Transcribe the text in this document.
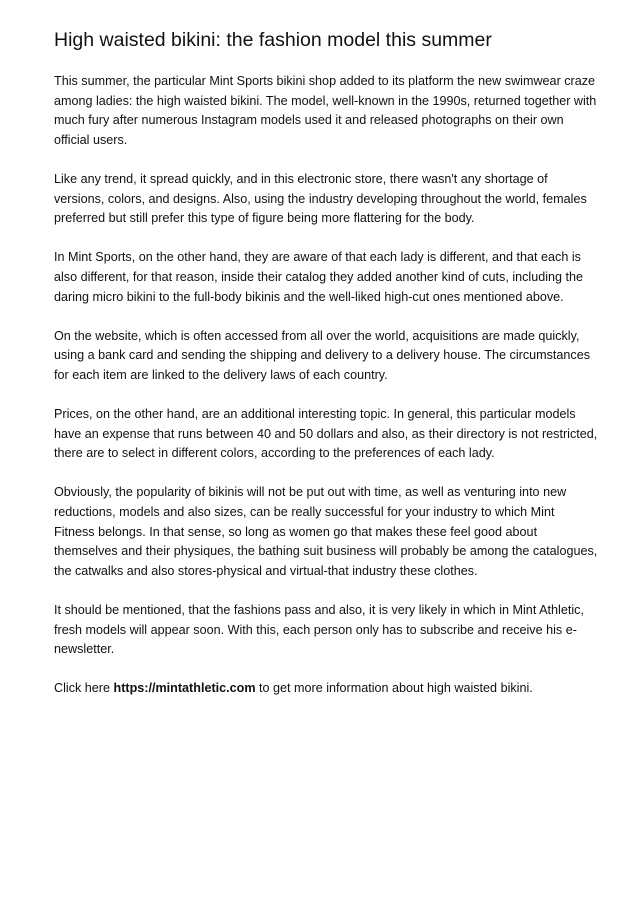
High waisted bikini: the fashion model this summer

This summer, the particular Mint Sports bikini shop added to its platform the new swimwear craze among ladies: the high waisted bikini. The model, well-known in the 1990s, returned together with much fury after numerous Instagram models used it and released photographs on their own official users.

Like any trend, it spread quickly, and in this electronic store, there wasn't any shortage of versions, colors, and designs. Also, using the industry developing throughout the world, females preferred but still prefer this type of figure being more flattering for the body.

In Mint Sports, on the other hand, they are aware of that each lady is different, and that each is also different, for that reason, inside their catalog they added another kind of cuts, including the daring micro bikini to the full-body bikinis and the well-liked high-cut ones mentioned above.

On the website, which is often accessed from all over the world, acquisitions are made quickly, using a bank card and sending the shipping and delivery to a delivery house. The circumstances for each item are linked to the delivery laws of each country.

Prices, on the other hand, are an additional interesting topic. In general, this particular models have an expense that runs between 40 and 50 dollars and also, as their directory is not restricted, there are to select in different colors, according to the preferences of each lady.

Obviously, the popularity of bikinis will not be put out with time, as well as venturing into new reductions, models and also sizes, can be really successful for your industry to which Mint Fitness belongs. In that sense, so long as women go that makes these feel good about themselves and their physiques, the bathing suit business will probably be among the catalogues, the catwalks and also stores-physical and virtual-that industry these clothes.

It should be mentioned, that the fashions pass and also, it is very likely in which in Mint Athletic, fresh models will appear soon. With this, each person only has to subscribe and receive his e-newsletter.

Click here https://mintathletic.com to get more information about high waisted bikini.
